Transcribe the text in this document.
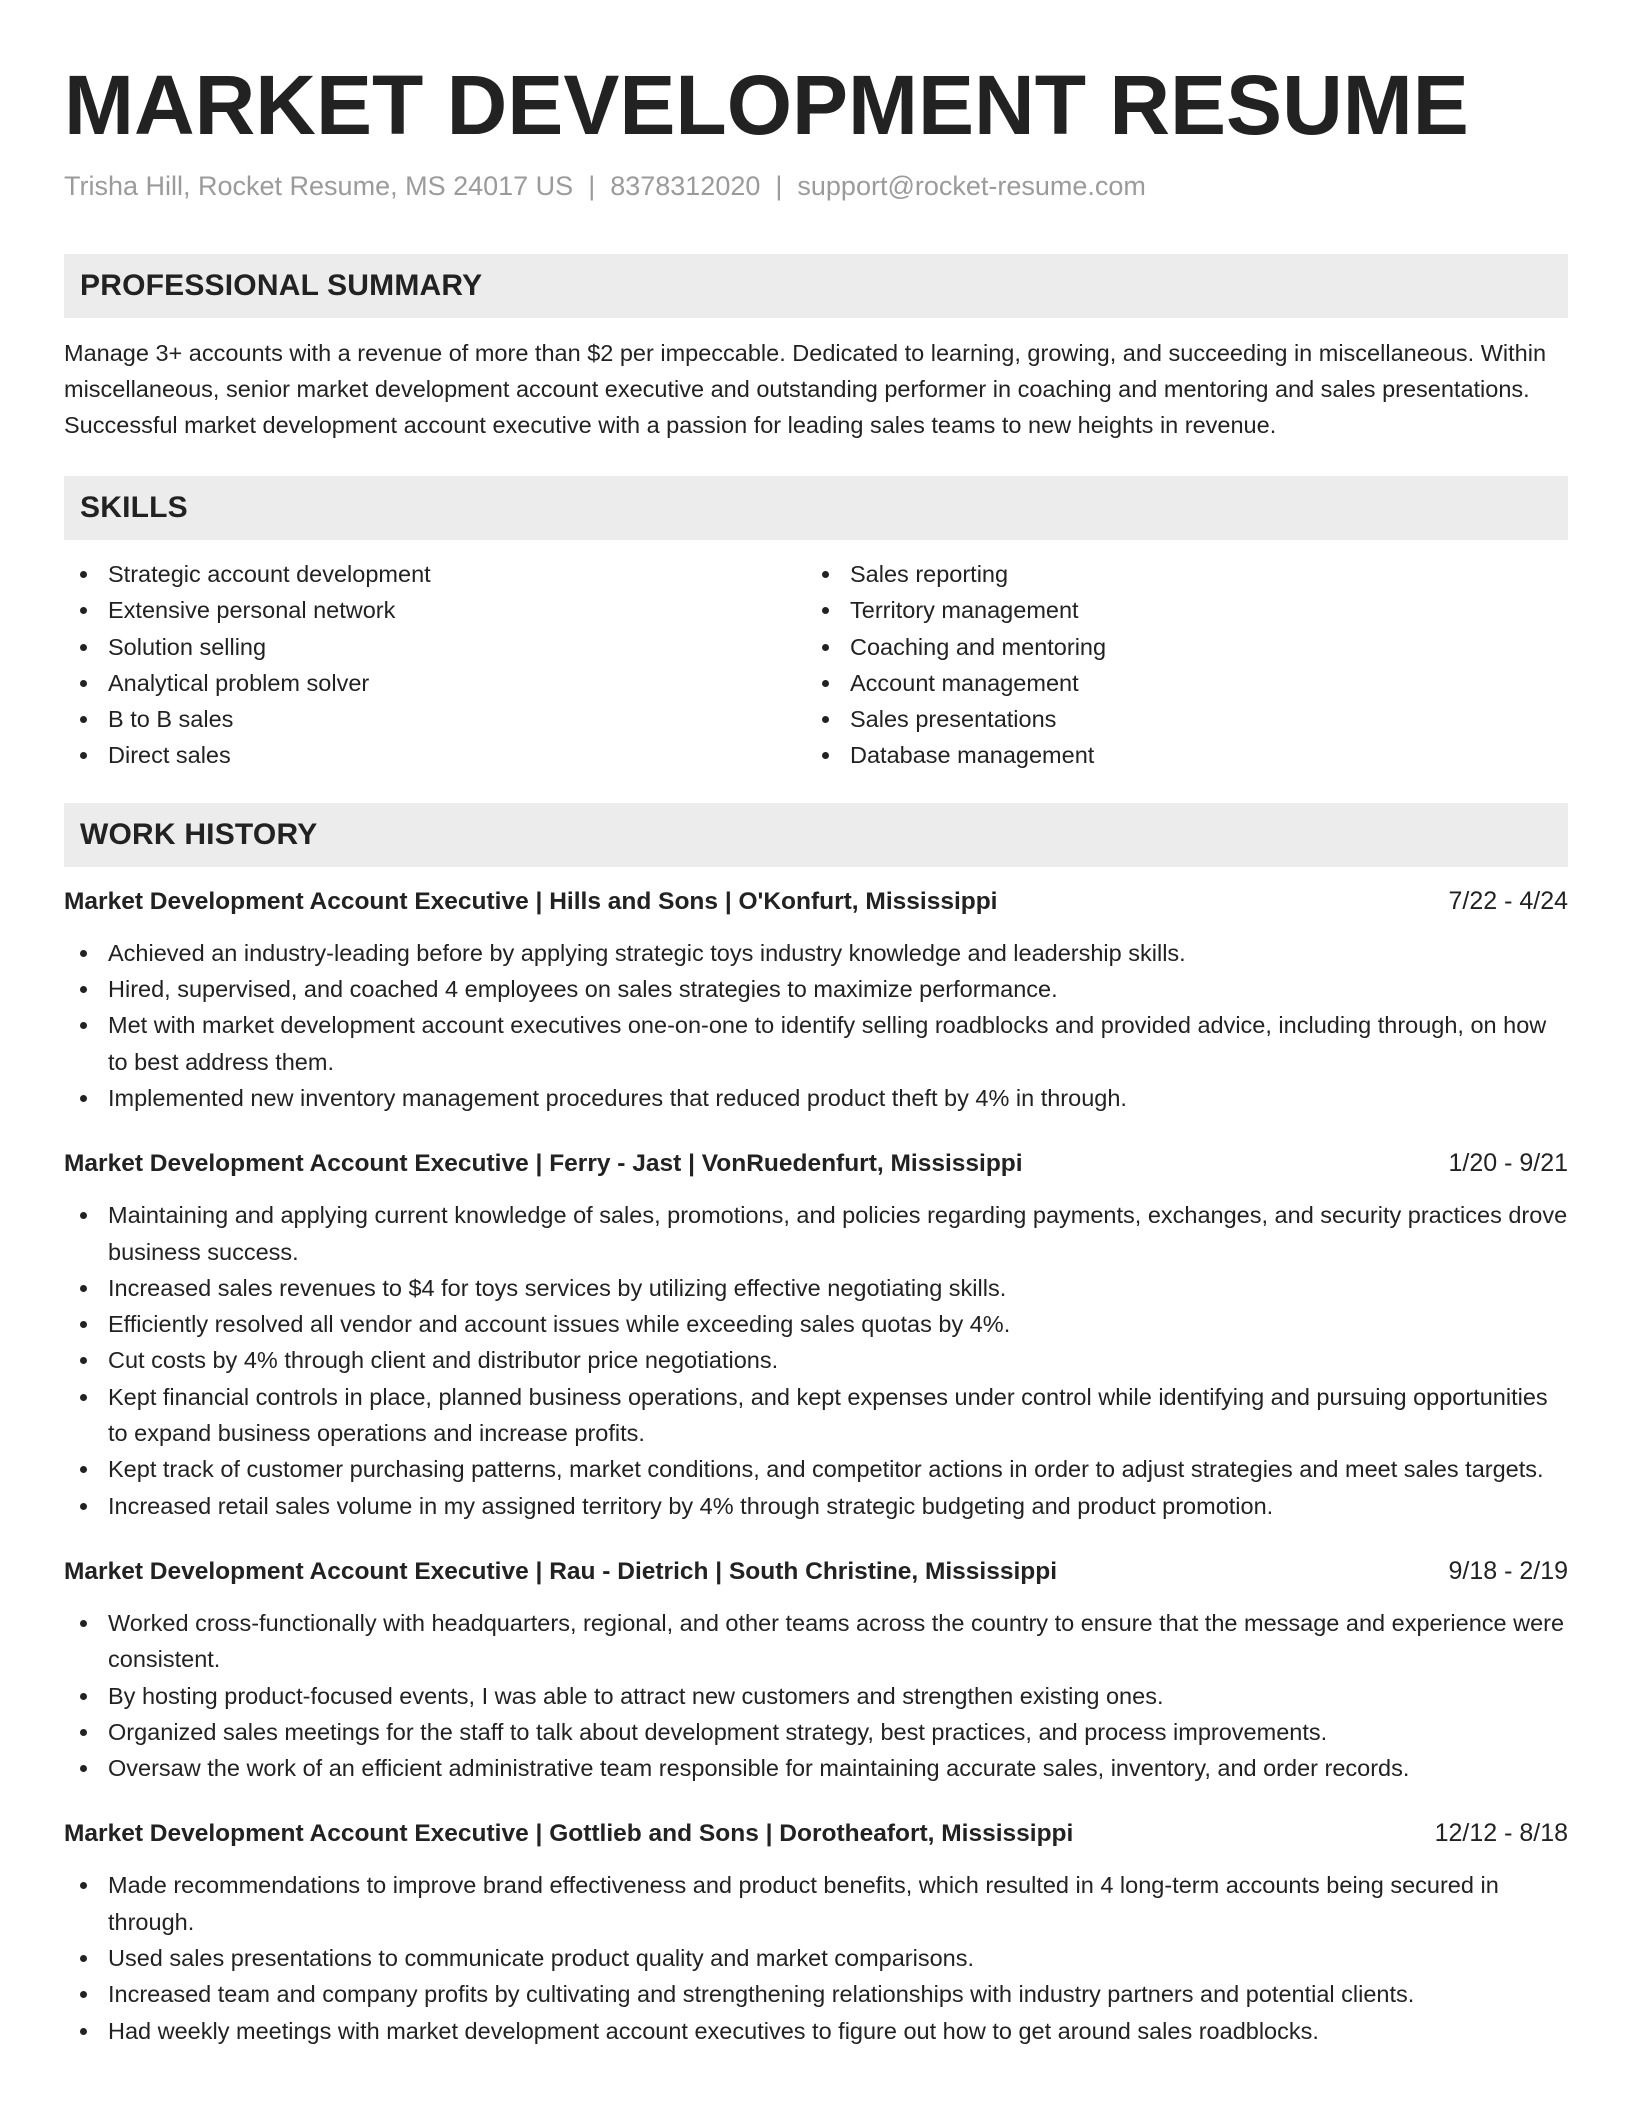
MARKET DEVELOPMENT RESUME
Trisha Hill, Rocket Resume, MS 24017 US | 8378312020 | support@rocket-resume.com
PROFESSIONAL SUMMARY

Manage 3+ accounts with a revenue of more than $2 per impeccable. Dedicated to learning, growing, and succeeding in miscellaneous. Within miscellaneous, senior market development account executive and outstanding performer in coaching and mentoring and sales presentations. Successful market development account executive with a passion for leading sales teams to new heights in revenue.

SKILLS
Strategic account development
Extensive personal network
Solution selling
Analytical problem solver
B to B sales
Direct sales
Sales reporting
Territory management
Coaching and mentoring
Account management
Sales presentations
Database management
WORK HISTORY
Market Development Account Executive | Hills and Sons | O'Konfurt, Mississippi	7/22 - 4/24
Achieved an industry-leading before by applying strategic toys industry knowledge and leadership skills.
Hired, supervised, and coached 4 employees on sales strategies to maximize performance.
Met with market development account executives one-on-one to identify selling roadblocks and provided advice, including through, on how to best address them.
Implemented new inventory management procedures that reduced product theft by 4% in through.
Market Development Account Executive | Ferry - Jast | VonRuedenfurt, Mississippi	1/20 - 9/21
Maintaining and applying current knowledge of sales, promotions, and policies regarding payments, exchanges, and security practices drove business success.
Increased sales revenues to $4 for toys services by utilizing effective negotiating skills.
Efficiently resolved all vendor and account issues while exceeding sales quotas by 4%.
Cut costs by 4% through client and distributor price negotiations.
Kept financial controls in place, planned business operations, and kept expenses under control while identifying and pursuing opportunities to expand business operations and increase profits.
Kept track of customer purchasing patterns, market conditions, and competitor actions in order to adjust strategies and meet sales targets.
Increased retail sales volume in my assigned territory by 4% through strategic budgeting and product promotion.
Market Development Account Executive | Rau - Dietrich | South Christine, Mississippi	9/18 - 2/19
Worked cross-functionally with headquarters, regional, and other teams across the country to ensure that the message and experience were consistent.
By hosting product-focused events, I was able to attract new customers and strengthen existing ones.
Organized sales meetings for the staff to talk about development strategy, best practices, and process improvements.
Oversaw the work of an efficient administrative team responsible for maintaining accurate sales, inventory, and order records.
Market Development Account Executive | Gottlieb and Sons | Dorotheafort, Mississippi	12/12 - 8/18
Made recommendations to improve brand effectiveness and product benefits, which resulted in 4 long-term accounts being secured in through.
Used sales presentations to communicate product quality and market comparisons.
Increased team and company profits by cultivating and strengthening relationships with industry partners and potential clients.
Had weekly meetings with market development account executives to figure out how to get around sales roadblocks.
